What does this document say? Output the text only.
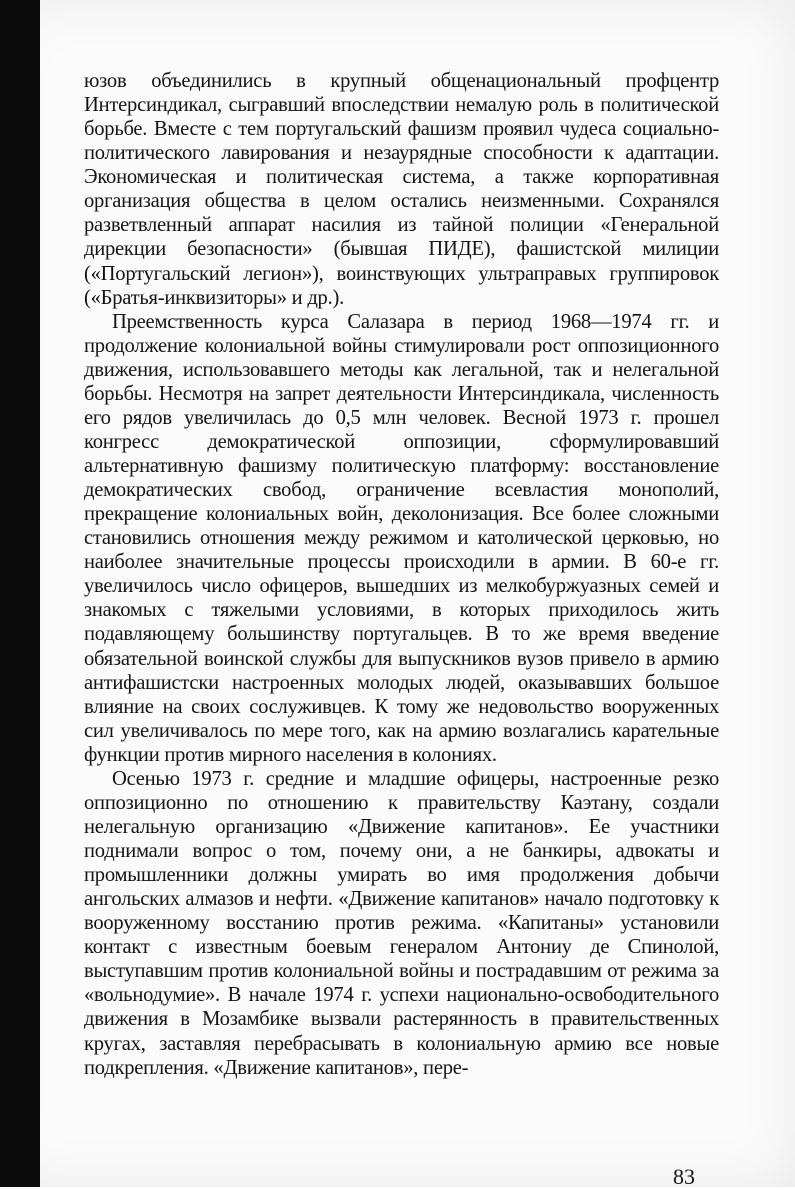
юзов объединились в крупный общенациональный профцентр Интерсиндикал, сыгравший впоследствии немалую роль в политической борьбе. Вместе с тем португальский фашизм проявил чудеса социально-политического лавирования и незаурядные способности к адаптации. Экономическая и политическая система, а также корпоративная организация общества в целом остались неизменными. Сохранялся разветвленный аппарат насилия из тайной полиции «Генеральной дирекции безопасности» (бывшая ПИДЕ), фашистской милиции («Португальский легион»), воинствующих ультраправых группировок («Братья-инквизиторы» и др.).

Преемственность курса Салазара в период 1968—1974 гг. и продолжение колониальной войны стимулировали рост оппозиционного движения, использовавшего методы как легальной, так и нелегальной борьбы. Несмотря на запрет деятельности Интерсиндикала, численность его рядов увеличилась до 0,5 млн человек. Весной 1973 г. прошел конгресс демократической оппозиции, сформулировавший альтернативную фашизму политическую платформу: восстановление демократических свобод, ограничение всевластия монополий, прекращение колониальных войн, деколонизация. Все более сложными становились отношения между режимом и католической церковью, но наиболее значительные процессы происходили в армии. В 60-е гг. увеличилось число офицеров, вышедших из мелкобуржуазных семей и знакомых с тяжелыми условиями, в которых приходилось жить подавляющему большинству португальцев. В то же время введение обязательной воинской службы для выпускников вузов привело в армию антифашистски настроенных молодых людей, оказывавших большое влияние на своих сослуживцев. К тому же недовольство вооруженных сил увеличивалось по мере того, как на армию возлагались карательные функции против мирного населения в колониях.

Осенью 1973 г. средние и младшие офицеры, настроенные резко оппозиционно по отношению к правительству Каэтану, создали нелегальную организацию «Движение капитанов». Ее участники поднимали вопрос о том, почему они, а не банкиры, адвокаты и промышленники должны умирать во имя продолжения добычи ангольских алмазов и нефти. «Движение капитанов» начало подготовку к вооруженному восстанию против режима. «Капитаны» установили контакт с известным боевым генералом Антониу де Спинолой, выступавшим против колониальной войны и пострадавшим от режима за «вольнодумие». В начале 1974 г. успехи национально-освободительного движения в Мозамбике вызвали растерянность в правительственных кругах, заставляя перебрасывать в колониальную армию все новые подкрепления. «Движение капитанов», пере-

83
